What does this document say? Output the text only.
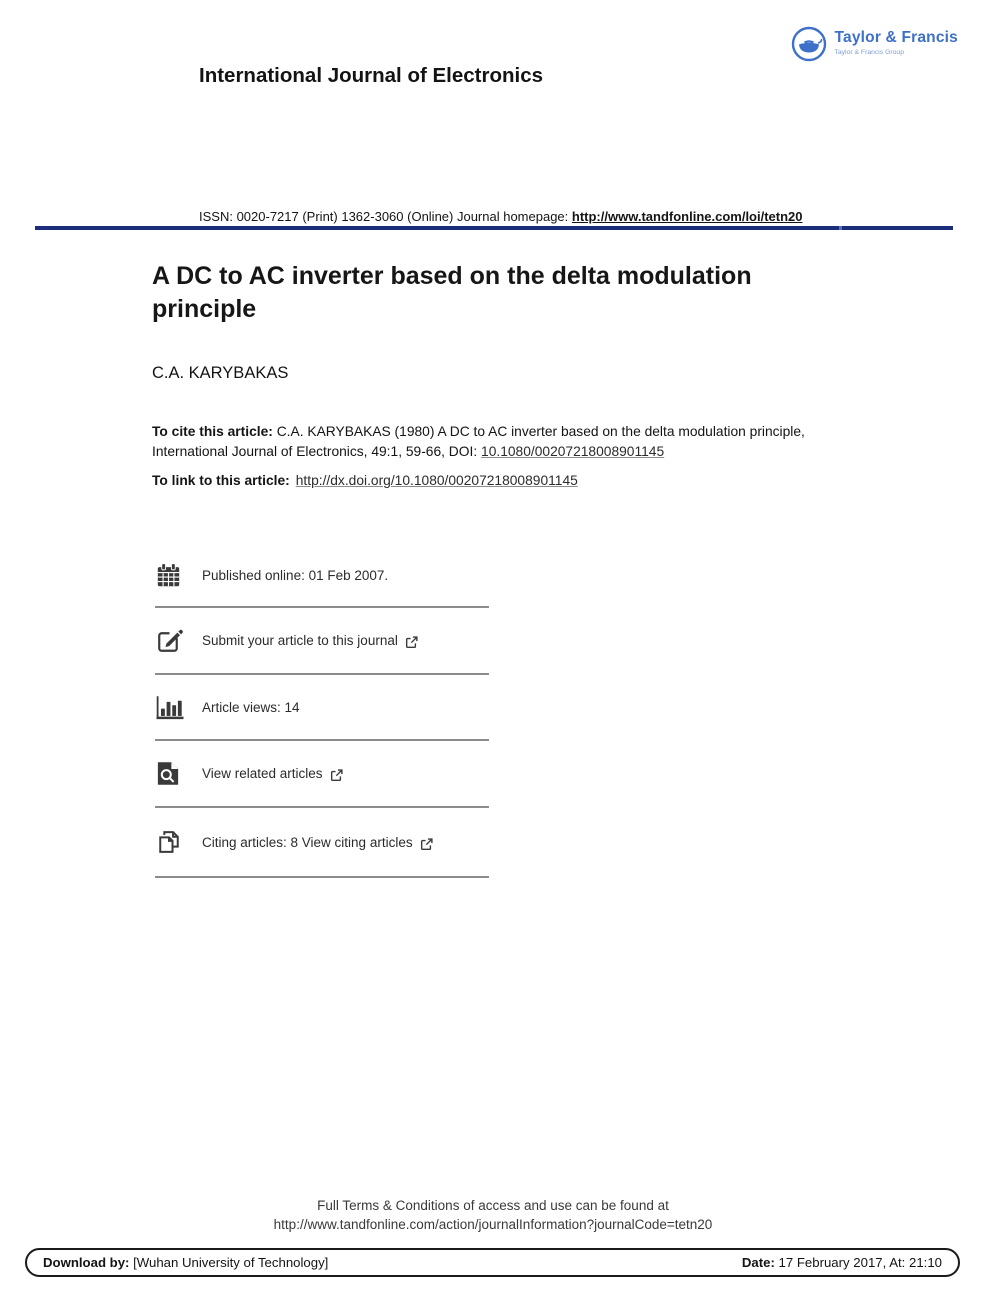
Taylor & Francis
Taylor & Francis Group
International Journal of Electronics
ISSN: 0020-7217 (Print) 1362-3060 (Online) Journal homepage: http://www.tandfonline.com/loi/tetn20
A DC to AC inverter based on the delta modulation principle
C.A. KARYBAKAS

To cite this article: C.A. KARYBAKAS (1980) A DC to AC inverter based on the delta modulation principle, International Journal of Electronics, 49:1, 59-66, DOI: 10.1080/00207218008901145

To link to this article: http://dx.doi.org/10.1080/00207218008901145

Published online: 01 Feb 2007.
Submit your article to this journal
Article views: 14
View related articles
Citing articles: 8 View citing articles
Full Terms & Conditions of access and use can be found at
http://www.tandfonline.com/action/journalInformation?journalCode=tetn20
Download by: [Wuhan University of Technology]	Date: 17 February 2017, At: 21:10
